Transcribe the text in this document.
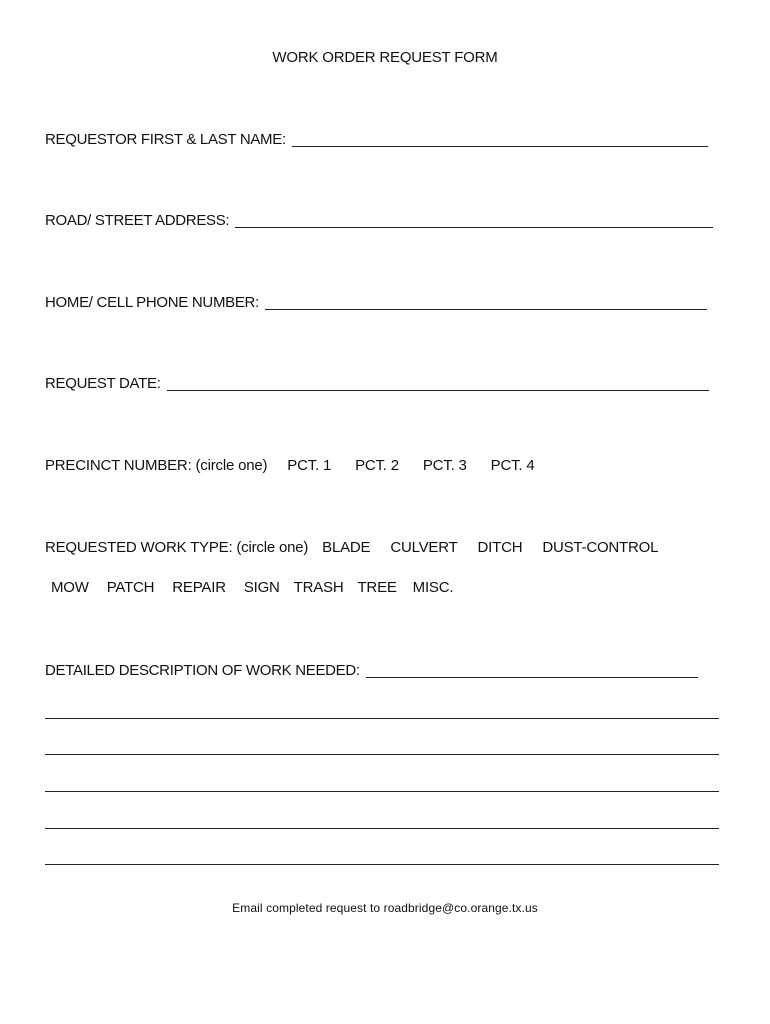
WORK ORDER REQUEST FORM
REQUESTOR FIRST & LAST NAME:
ROAD/ STREET ADDRESS:
HOME/ CELL PHONE NUMBER:
REQUEST DATE:
PRECINCT NUMBER: (circle one) PCT. 1 PCT. 2 PCT. 3 PCT. 4
REQUESTED WORK TYPE: (circle one) BLADE CULVERT DITCH DUST-CONTROL
MOW PATCH REPAIR SIGN TRASH TREE MISC.
DETAILED DESCRIPTION OF WORK NEEDED:
Email completed request to roadbridge@co.orange.tx.us
